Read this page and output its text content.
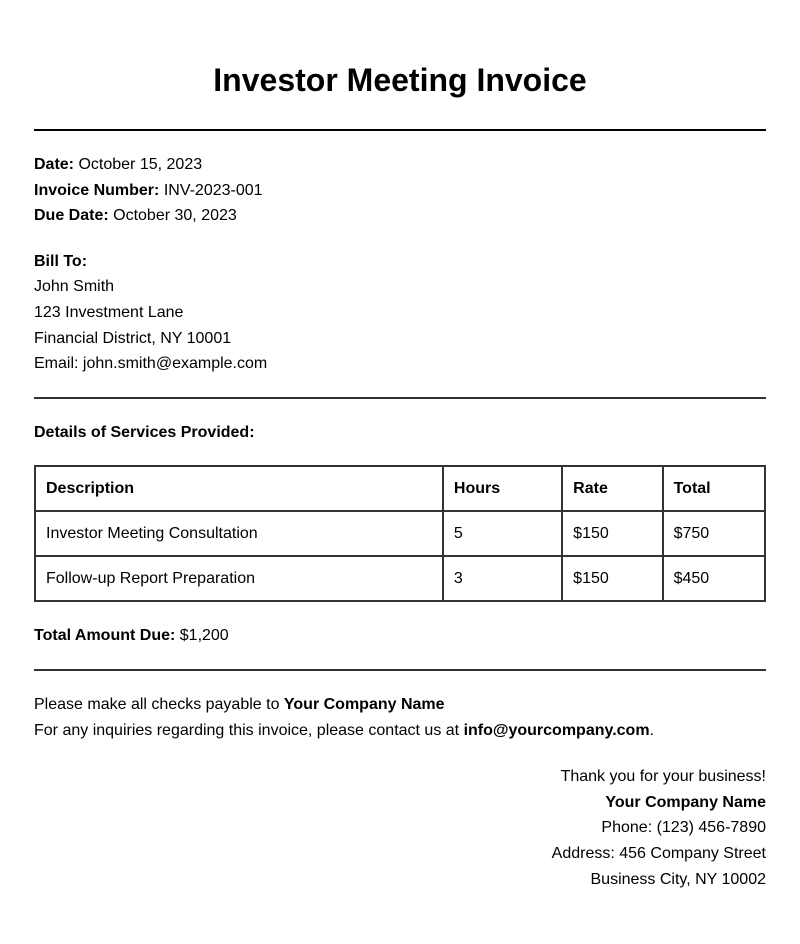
Investor Meeting Invoice
Date: October 15, 2023
Invoice Number: INV-2023-001
Due Date: October 30, 2023
Bill To:
John Smith
123 Investment Lane
Financial District, NY 10001
Email: john.smith@example.com
Details of Services Provided:
Description	Hours	Rate	Total
Investor Meeting Consultation	5	$150	$750
Follow-up Report Preparation	3	$150	$450
Total Amount Due: $1,200
Please make all checks payable to Your Company Name
For any inquiries regarding this invoice, please contact us at info@yourcompany.com.
Thank you for your business!
Your Company Name
Phone: (123) 456-7890
Address: 456 Company Street
Business City, NY 10002
